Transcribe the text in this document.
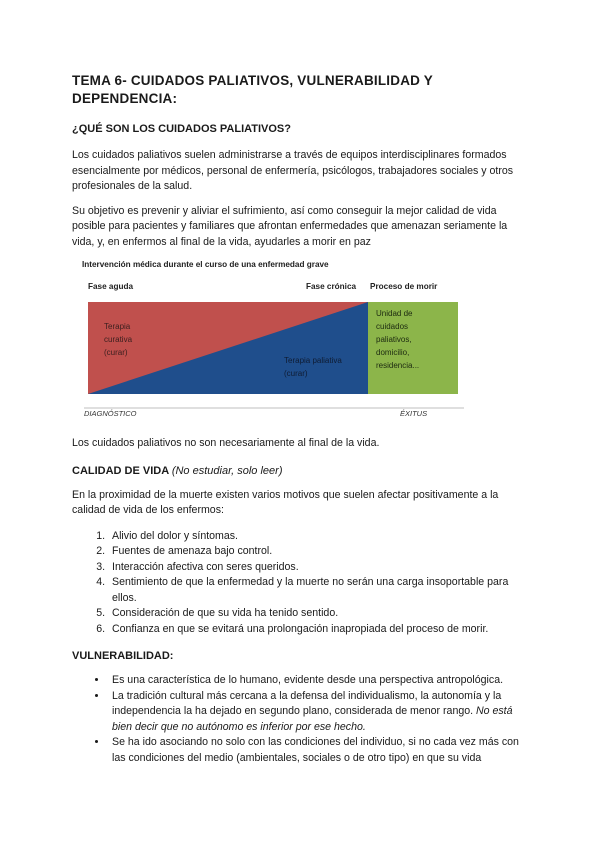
TEMA 6- CUIDADOS PALIATIVOS, VULNERABILIDAD Y DEPENDENCIA:
¿QUÉ SON LOS CUIDADOS PALIATIVOS?

Los cuidados paliativos suelen administrarse a través de equipos interdisciplinares formados esencialmente por médicos, personal de enfermería, psicólogos, trabajadores sociales y otros profesionales de la salud.

Su objetivo es prevenir y aliviar el sufrimiento, así como conseguir la mejor calidad de vida posible para pacientes y familiares que afrontan enfermedades que amenazan seriamente la vida, y, en enfermos al final de la vida, ayudarles a morir en paz

Intervención médica durante el curso de una enfermedad grave
Fase aguda	Fase crónica Proceso de morir
Terapia
curativa
(curar)
Terapia paliativa
(curar)
Unidad de
cuidados
paliativos,
domicilio,
residencia...
DIAGNÓSTICO	ÉXITUS

Los cuidados paliativos no son necesariamente al final de la vida.

CALIDAD DE VIDA (No estudiar, solo leer)

En la proximidad de la muerte existen varios motivos que suelen afectar positivamente a la calidad de vida de los enfermos:

1. Alivio del dolor y síntomas.
2. Fuentes de amenaza bajo control.
3. Interacción afectiva con seres queridos.
4. Sentimiento de que la enfermedad y la muerte no serán una carga insoportable para ellos.
5. Consideración de que su vida ha tenido sentido.
6. Confianza en que se evitará una prolongación inapropiada del proceso de morir.
VULNERABILIDAD:
• Es una característica de lo humano, evidente desde una perspectiva antropológica.
• La tradición cultural más cercana a la defensa del individualismo, la autonomía y la independencia la ha dejado en segundo plano, considerada de menor rango. No está bien decir que no autónomo es inferior por ese hecho.
• Se ha ido asociando no solo con las condiciones del individuo, si no cada vez más con las condiciones del medio (ambientales, sociales o de otro tipo) en que su vida
